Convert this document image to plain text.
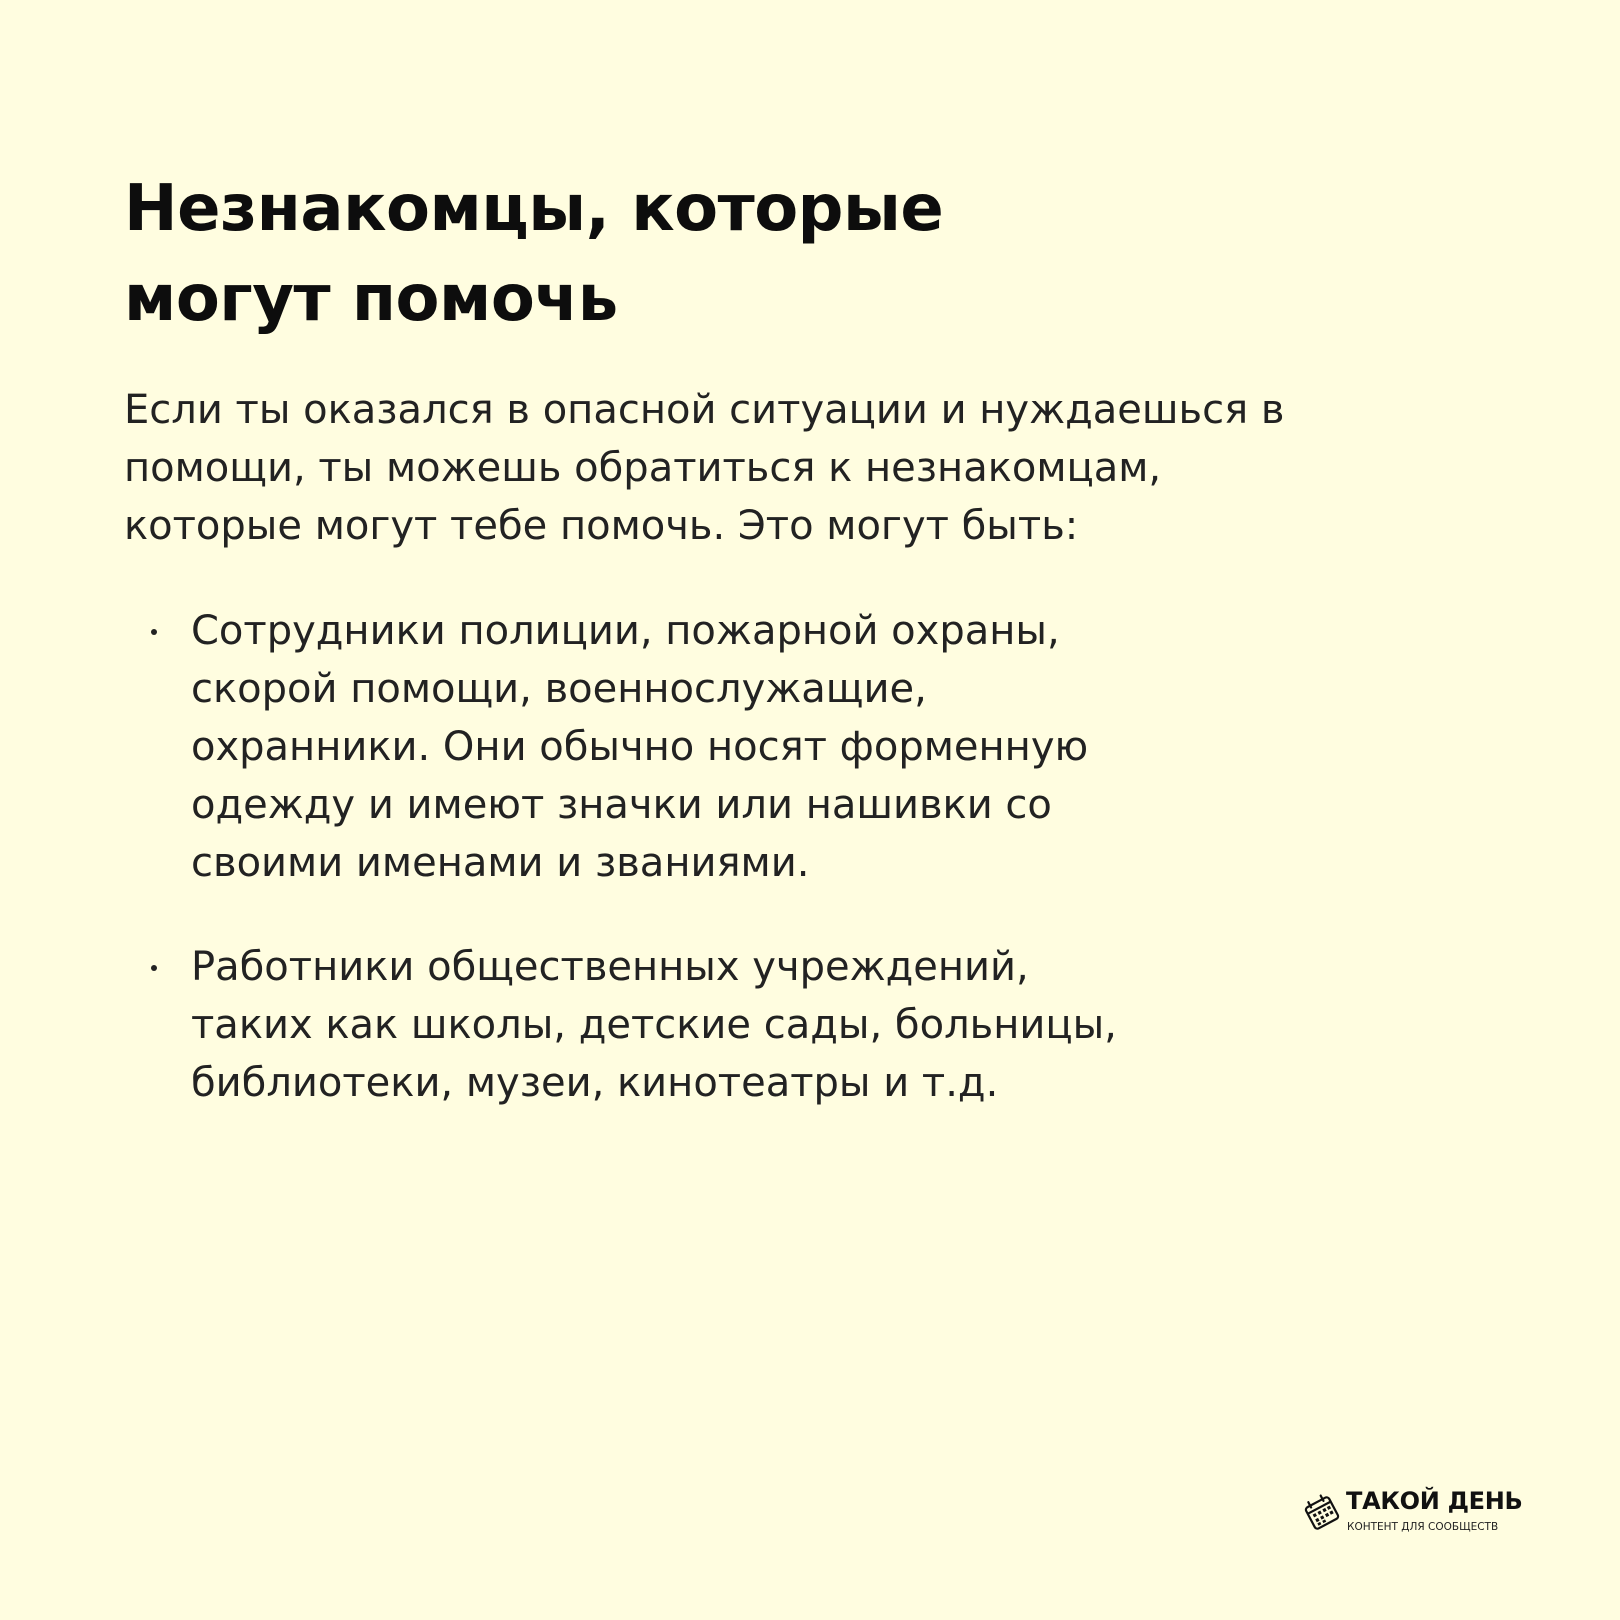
Незнакомцы, которые
могут помочь

Если ты оказался в опасной ситуации и нуждаешься в
помощи, ты можешь обратиться к незнакомцам,
которые могут тебе помочь. Это могут быть:

Сотрудники полиции, пожарной охраны,
скорой помощи, военнослужащие,
охранники. Они обычно носят форменную
одежду и имеют значки или нашивки со
своими именами и званиями.
Работники общественных учреждений,
таких как школы, детские сады, больницы,
библиотеки, музеи, кинотеатры и т.д.
ТАКОЙ ДЕНЬ
КОНТЕНТ ДЛЯ СООБЩЕСТВ
